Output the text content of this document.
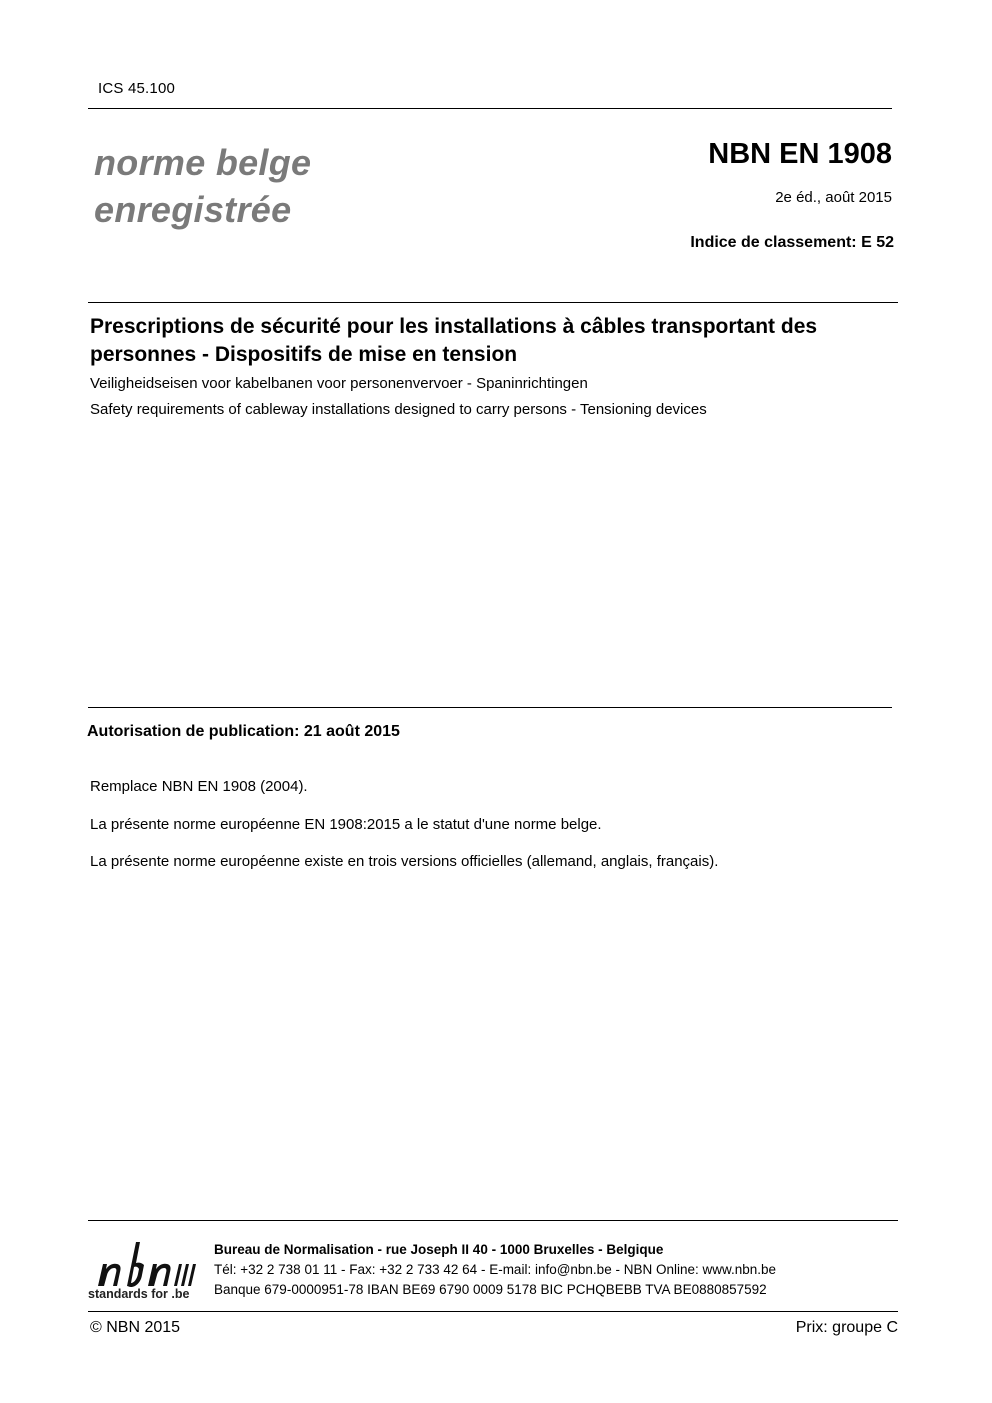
ICS 45.100
norme belge
enregistrée
NBN EN 1908
2e éd., août 2015
Indice de classement: E 52
Prescriptions de sécurité pour les installations à câbles transportant des personnes - Dispositifs de mise en tension
Veiligheidseisen voor kabelbanen voor personenvervoer - Spaninrichtingen
Safety requirements of cableway installations designed to carry persons - Tensioning devices
Autorisation de publication: 21 août 2015
Remplace NBN EN 1908 (2004).
La présente norme européenne EN 1908:2015 a le statut d'une norme belge.
La présente norme européenne existe en trois versions officielles (allemand, anglais, français).
standards for .be
Bureau de Normalisation - rue Joseph II 40 - 1000 Bruxelles - Belgique
Tél: +32 2 738 01 11 - Fax: +32 2 733 42 64 - E-mail: info@nbn.be - NBN Online: www.nbn.be
Banque 679-0000951-78 IBAN BE69 6790 0009 5178 BIC PCHQBEBB TVA BE0880857592
© NBN 2015	Prix: groupe C
